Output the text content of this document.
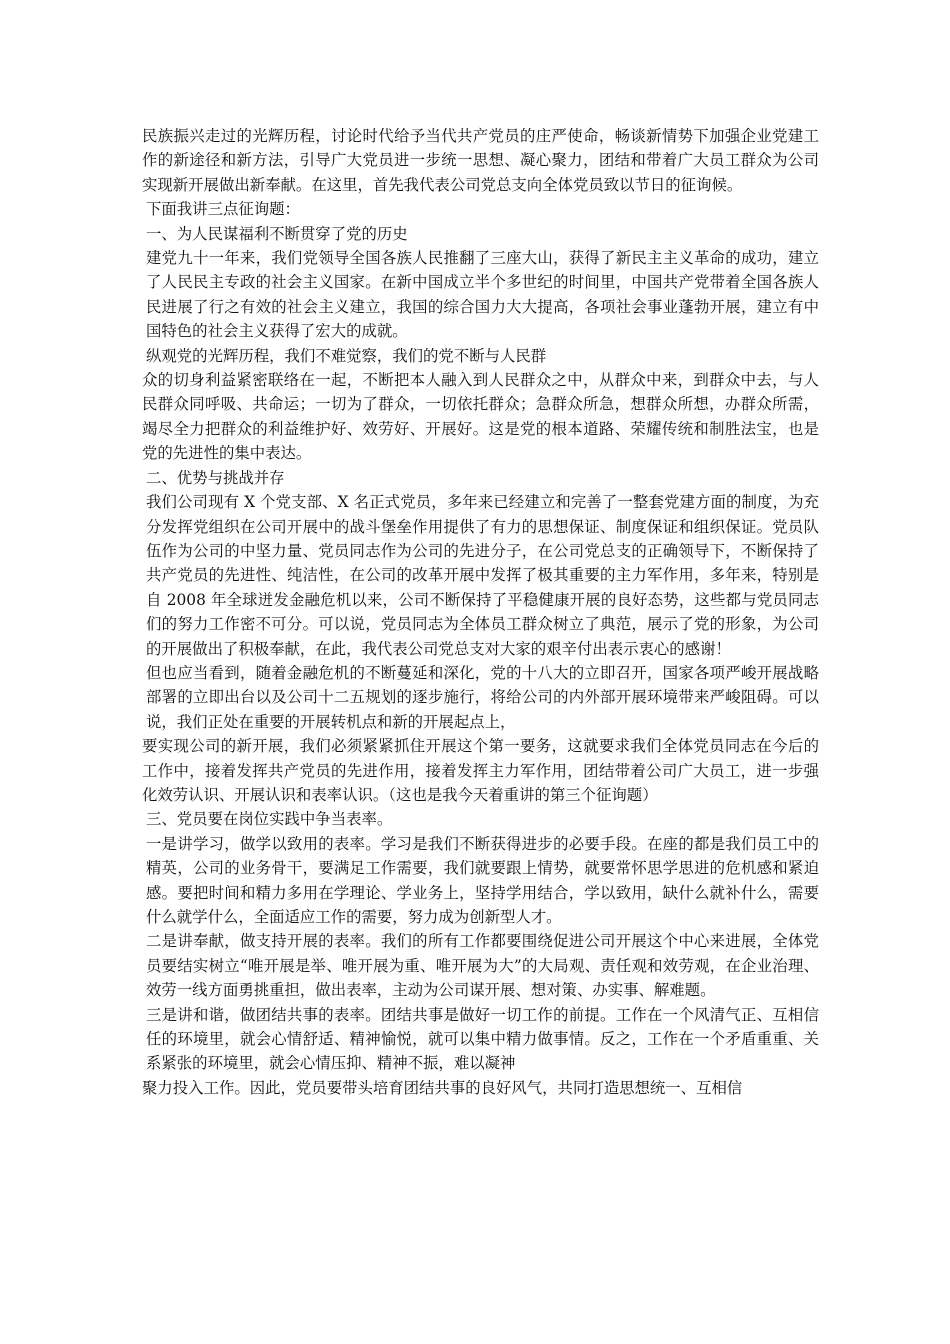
民族振兴走过的光辉历程，讨论时代给予当代共产党员的庄严使命，畅谈新情势下加强企业党建工作的新途径和新方法，引导广大党员进一步统一思想、凝心聚力，团结和带着广大员工群众为公司实现新开展做出新奉献。在这里，首先我代表公司党总支向全体党员致以节日的征询候。

下面我讲三点征询题：

一、为人民谋福利不断贯穿了党的历史

建党九十一年来，我们党领导全国各族人民推翻了三座大山，获得了新民主主义革命的成功，建立了人民民主专政的社会主义国家。在新中国成立半个多世纪的时间里，中国共产党带着全国各族人民进展了行之有效的社会主义建立，我国的综合国力大大提高，各项社会事业蓬勃开展，建立有中国特色的社会主义获得了宏大的成就。

纵观党的光辉历程，我们不难觉察，我们的党不断与人民群

众的切身利益紧密联络在一起，不断把本人融入到人民群众之中，从群众中来，到群众中去，与人民群众同呼吸、共命运；一切为了群众，一切依托群众；急群众所急，想群众所想，办群众所需，竭尽全力把群众的利益维护好、效劳好、开展好。这是党的根本道路、荣耀传统和制胜法宝，也是党的先进性的集中表达。

二、优势与挑战并存

我们公司现有 X 个党支部、X 名正式党员，多年来已经建立和完善了一整套党建方面的制度，为充分发挥党组织在公司开展中的战斗堡垒作用提供了有力的思想保证、制度保证和组织保证。党员队伍作为公司的中坚力量、党员同志作为公司的先进分子，在公司党总支的正确领导下，不断保持了共产党员的先进性、纯洁性，在公司的改革开展中发挥了极其重要的主力军作用，多年来，特别是自 2008 年全球迸发金融危机以来，公司不断保持了平稳健康开展的良好态势，这些都与党员同志们的努力工作密不可分。可以说，党员同志为全体员工群众树立了典范，展示了党的形象，为公司的开展做出了积极奉献，在此，我代表公司党总支对大家的艰辛付出表示衷心的感谢！

但也应当看到，随着金融危机的不断蔓延和深化，党的十八大的立即召开，国家各项严峻开展战略部署的立即出台以及公司十二五规划的逐步施行，将给公司的内外部开展环境带来严峻阻碍。可以说，我们正处在重要的开展转机点和新的开展起点上，

要实现公司的新开展，我们必须紧紧抓住开展这个第一要务，这就要求我们全体党员同志在今后的工作中，接着发挥共产党员的先进作用，接着发挥主力军作用，团结带着公司广大员工，进一步强化效劳认识、开展认识和表率认识。（这也是我今天着重讲的第三个征询题）

三、党员要在岗位实践中争当表率。

一是讲学习，做学以致用的表率。学习是我们不断获得进步的必要手段。在座的都是我们员工中的精英，公司的业务骨干，要满足工作需要，我们就要跟上情势，就要常怀思学思进的危机感和紧迫感。要把时间和精力多用在学理论、学业务上，坚持学用结合，学以致用，缺什么就补什么，需要什么就学什么，全面适应工作的需要，努力成为创新型人才。

二是讲奉献，做支持开展的表率。我们的所有工作都要围绕促进公司开展这个中心来进展，全体党员要结实树立“唯开展是举、唯开展为重、唯开展为大”的大局观、责任观和效劳观，在企业治理、效劳一线方面勇挑重担，做出表率，主动为公司谋开展、想对策、办实事、解难题。

三是讲和谐，做团结共事的表率。团结共事是做好一切工作的前提。工作在一个风清气正、互相信任的环境里，就会心情舒适、精神愉悦，就可以集中精力做事情。反之，工作在一个矛盾重重、关系紧张的环境里，就会心情压抑、精神不振，难以凝神

聚力投入工作。因此，党员要带头培育团结共事的良好风气，共同打造思想统一、互相信
